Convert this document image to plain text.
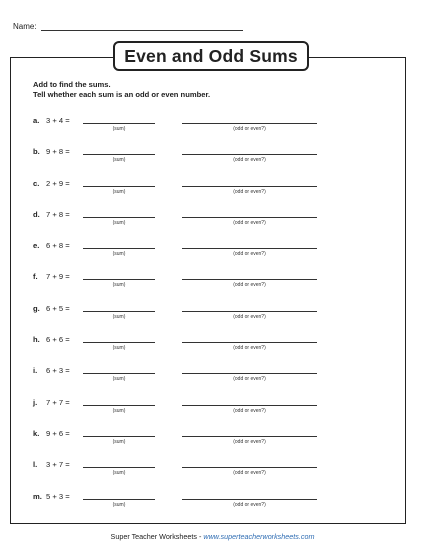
Name:
Even and Odd Sums
Add to find the sums.
Tell whether each sum is an odd or even number.
a. 3 + 4 =
(sum)	(odd or even?)
b. 9 + 8 =
(sum)	(odd or even?)
c. 2 + 9 =
(sum)	(odd or even?)
d. 7 + 8 =
(sum)	(odd or even?)
e. 6 + 8 =
(sum)	(odd or even?)
f. 7 + 9 =
(sum)	(odd or even?)
g. 6 + 5 =
(sum)	(odd or even?)
h. 6 + 6 =
(sum)	(odd or even?)
i. 6 + 3 =
(sum)	(odd or even?)
j. 7 + 7 =
(sum)	(odd or even?)
k. 9 + 6 =
(sum)	(odd or even?)
l. 3 + 7 =
(sum)	(odd or even?)
m. 5 + 3 =
(sum)	(odd or even?)
Super Teacher Worksheets - www.superteacherworksheets.com
